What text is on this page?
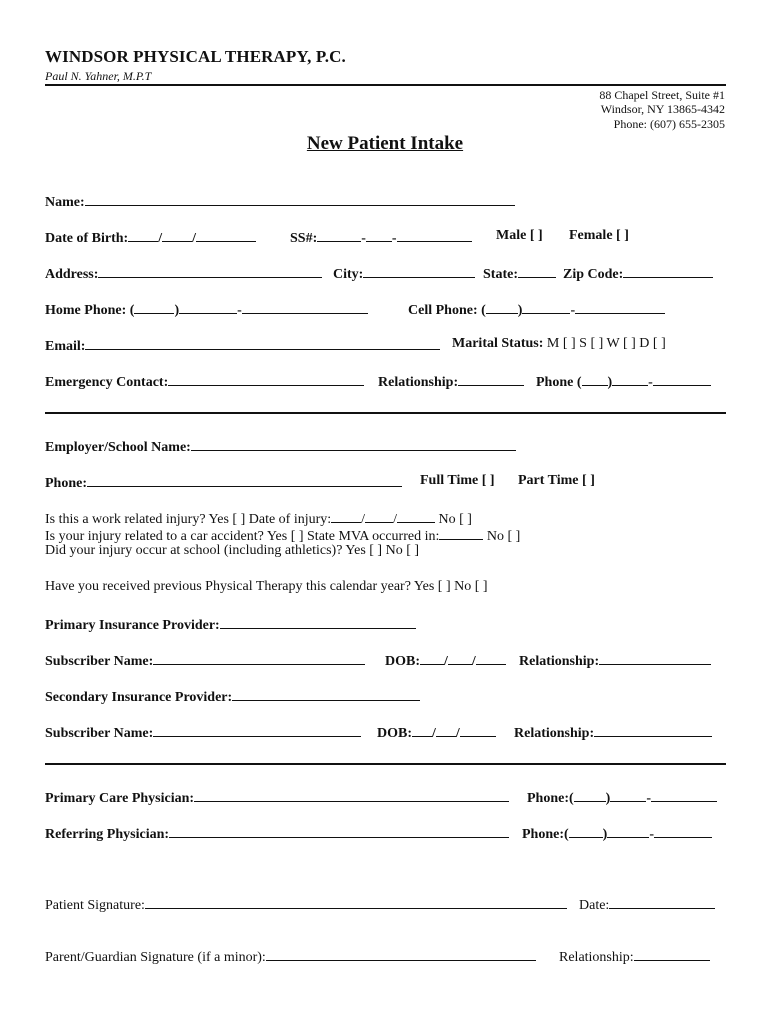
WINDSOR PHYSICAL THERAPY, P.C.
Paul N. Yahner, M.P.T
88 Chapel Street, Suite #1
Windsor, NY 13865-4342
Phone: (607) 655-2305
New Patient Intake
Name:
Date of Birth: / /	SS#:	- -	Male [ ] Female [ ]
Address:	City:	State:	Zip Code:
Home Phone: (	)	-	Cell Phone: ( )	-
Email:	Marital Status: M [ ] S [ ] W [ ] D [ ]
Emergency Contact:	Relationship:	Phone ( )	-
Employer/School Name:
Phone:	Full Time [ ] Part Time [ ]
Is this a work related injury? Yes [ ] Date of injury: / /	No [ ]
Is your injury related to a car accident? Yes [ ] State MVA occurred in:	No [ ]
Did your injury occur at school (including athletics)? Yes [ ] No [ ]
Have you received previous Physical Therapy this calendar year? Yes [ ] No [ ]
Primary Insurance Provider:
Subscriber Name:	DOB: / /	Relationship:
Secondary Insurance Provider:
Subscriber Name:	DOB: / /	Relationship:
Primary Care Physician:	Phone:( )	-
Referring Physician:	Phone:( )	-
Patient Signature:	Date:
Parent/Guardian Signature (if a minor):	Relationship:
